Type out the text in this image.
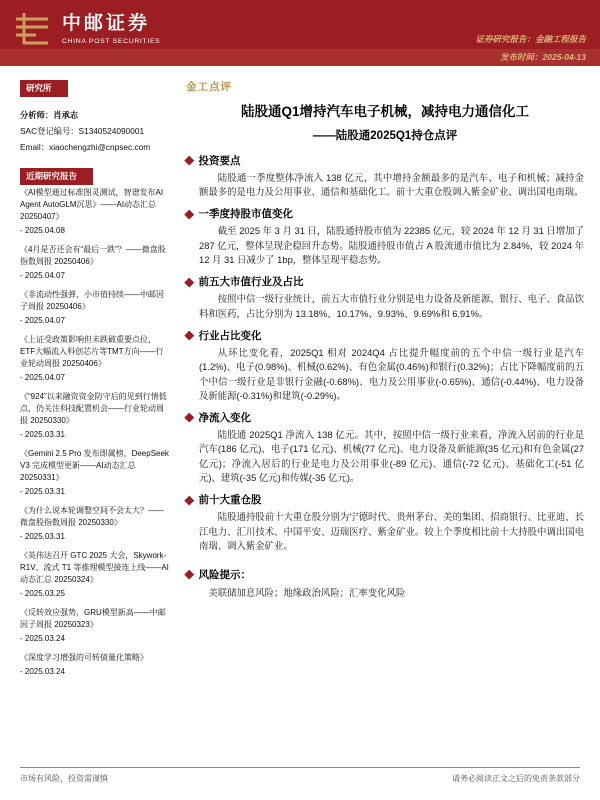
中邮证券
CHINA POST SECURITIES	证券研究报告：金融工程报告
发布时间：2025-04-13
研究所
分析师：肖承志
SAC登记编号：S1340524090001
Email：xiaochengzhi@cnpsec.com
近期研究报告
《AI模型通过标准图灵测试，智谱发布AI Agent AutoGLM沉思》——AI动态汇总 20250407》
- 2025.04.08
《4月是否还会有“最后一跌”？——微盘股指数周报 20250406》
- 2025.04.07
《非流动性强弹，小市值持续——中邮因子周报 20250406》
- 2025.04.07
《上证受政策影响但未跌破重要点位，ETF大幅流入科创芯片等TMT方向——行业轮动周报 20250406》
- 2025.04.07
《“924”以来融资资金防守后的见到行情低点，仍关注科技配置机会——行业轮动周报 20250330》
- 2025.03.31
《Gemini 2.5 Pro 发布即属榜，DeepSeek V3 完成模型更新——AI动态汇总 20250331》
- 2025.03.31
《为什么说本轮调整空间不会太大？——微盘股指数周报 20250330》
- 2025.03.31
《英伟达召开 GTC 2025 大会，Skywork-R1V、流式 T1 等推理模型接连上线——AI 动态汇总 20250324》
- 2025.03.25
《反转效应强势，GRU模型新高——中邮因子周报 20250323》
- 2025.03.24
《深度学习增强的可转债量化策略》
- 2025.03.24
金工点评
陆股通Q1增持汽车电子机械，减持电力通信化工
——陆股通2025Q1持仓点评
投资要点

陆股通一季度整体净流入 138 亿元，其中增持金额最多的是汽车、电子和机械；减持金额最多的是电力及公用事业、通信和基础化工。前十大重仓股调入紫金矿业、调出国电南瑞。

一季度持股市值变化

截至 2025 年 3 月 31 日，陆股通持股市值为 22385 亿元，较 2024 年 12 月 31 日增加了 287 亿元，整体呈现企稳回升态势。陆股通持股市值占 A 股流通市值比为 2.84%，较 2024 年 12 月 31 日减少了 1bp，整体呈现平稳态势。

前五大市值行业及占比

按照中信一级行业统计，前五大市值行业分别是电力设备及新能源、银行、电子、食品饮料和医药，占比分别为 13.18%、10.17%、9.93%、9.69%和 6.91%。

行业占比变化

从环比变化看，2025Q1 相对 2024Q4 占比提升幅度前的五个中信一级行业是汽车(1.2%)、电子(0.98%)、机械(0.62%)、有色金属(0.46%)和银行(0.32%)；占比下降幅度前的五个中信一级行业是非银行金融(-0.68%)、电力及公用事业(-0.65%)、通信(-0.44%)、电力设备及新能源(-0.31%)和建筑(-0.29%)。

净流入变化

陆股通 2025Q1 净流入 138 亿元。其中，按照中信一级行业来看，净流入居前的行业是汽车(186 亿元)、电子(171 亿元)、机械(77 亿元)、电力设备及新能源(35 亿元)和有色金属(27 亿元)；净流入居后的行业是电力及公用事业(-89 亿元)、通信(-72 亿元)、基础化工(-51 亿元)、建筑(-35 亿元)和传媒(-35 亿元)。

前十大重仓股

陆股通持股前十大重仓股分别为宁德时代、贵州茅台、美的集团、招商银行、比亚迪、长江电力、汇川技术、中国平安、迈瑞医疗、紫金矿业。较上个季度相比前十大持股中调出国电南瑞、调入紫金矿业。

风险提示：

美联储加息风险；地缘政治风险；汇率变化风险

市场有风险，投资需谨慎	请务必阅读正文之后的免责条款部分
